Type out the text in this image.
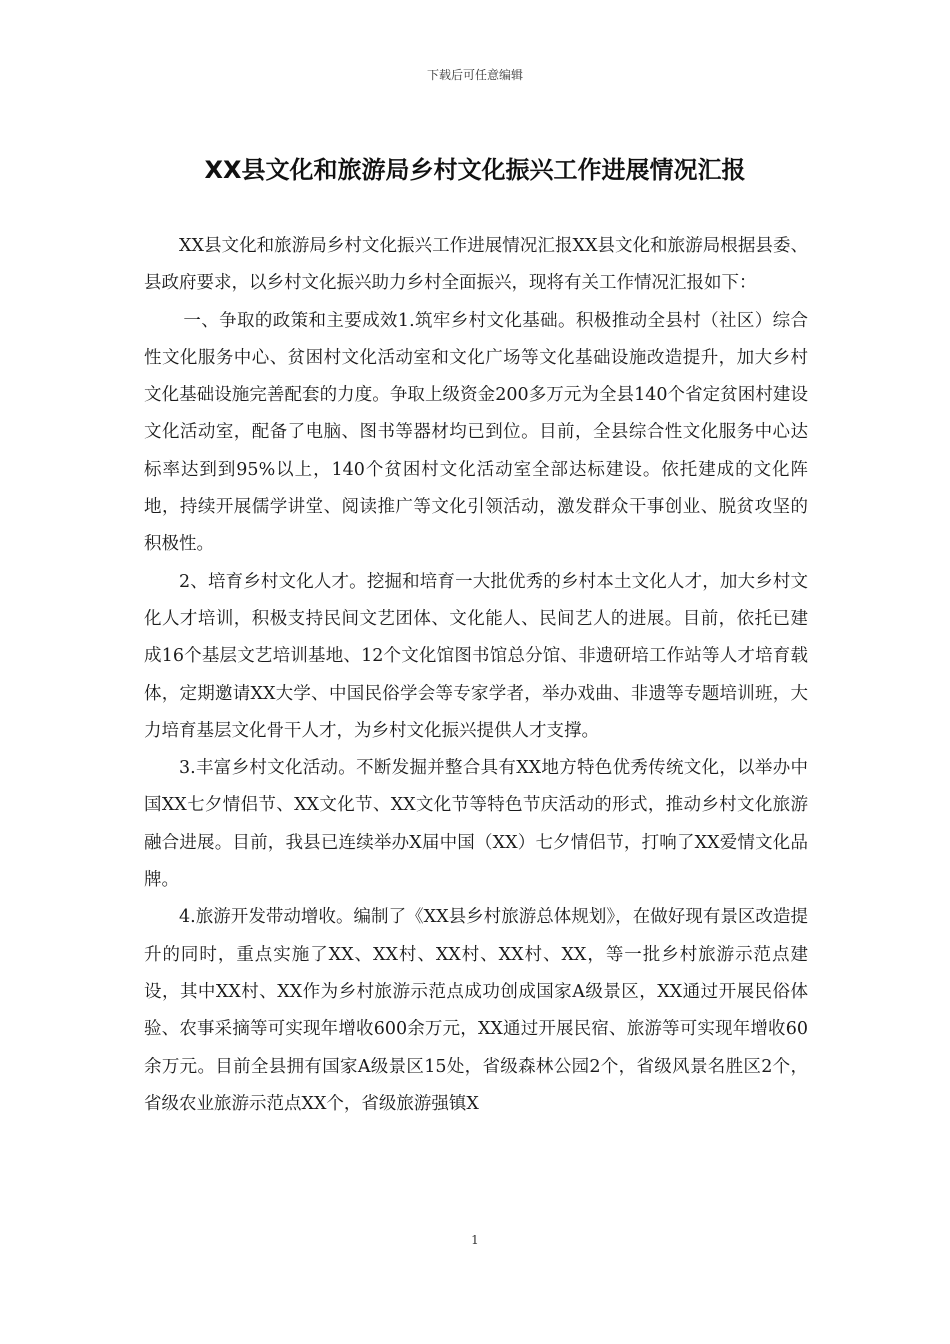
下载后可任意编辑
XX县文化和旅游局乡村文化振兴工作进展情况汇报

XX县文化和旅游局乡村文化振兴工作进展情况汇报XX县文化和旅游局根据县委、县政府要求，以乡村文化振兴助力乡村全面振兴，现将有关工作情况汇报如下：

一、争取的政策和主要成效1.筑牢乡村文化基础。积极推动全县村（社区）综合性文化服务中心、贫困村文化活动室和文化广场等文化基础设施改造提升，加大乡村文化基础设施完善配套的力度。争取上级资金200多万元为全县140个省定贫困村建设文化活动室，配备了电脑、图书等器材均已到位。目前，全县综合性文化服务中心达标率达到到95%以上，140个贫困村文化活动室全部达标建设。依托建成的文化阵地，持续开展儒学讲堂、阅读推广等文化引领活动，激发群众干事创业、脱贫攻坚的积极性。

2、培育乡村文化人才。挖掘和培育一大批优秀的乡村本土文化人才，加大乡村文化人才培训，积极支持民间文艺团体、文化能人、民间艺人的进展。目前，依托已建成16个基层文艺培训基地、12个文化馆图书馆总分馆、非遗研培工作站等人才培育载体，定期邀请XX大学、中国民俗学会等专家学者，举办戏曲、非遗等专题培训班，大力培育基层文化骨干人才，为乡村文化振兴提供人才支撑。

3.丰富乡村文化活动。不断发掘并整合具有XX地方特色优秀传统文化，以举办中国XX七夕情侣节、XX文化节、XX文化节等特色节庆活动的形式，推动乡村文化旅游融合进展。目前，我县已连续举办X届中国（XX）七夕情侣节，打响了XX爱情文化品牌。

4.旅游开发带动增收。编制了《XX县乡村旅游总体规划》，在做好现有景区改造提升的同时，重点实施了XX、XX村、XX村、XX村、XX，等一批乡村旅游示范点建设，其中XX村、XX作为乡村旅游示范点成功创成国家A级景区，XX通过开展民俗体验、农事采摘等可实现年增收600余万元，XX通过开展民宿、旅游等可实现年增收60余万元。目前全县拥有国家A级景区15处，省级森林公园2个，省级风景名胜区2个，省级农业旅游示范点XX个，省级旅游强镇X

1
